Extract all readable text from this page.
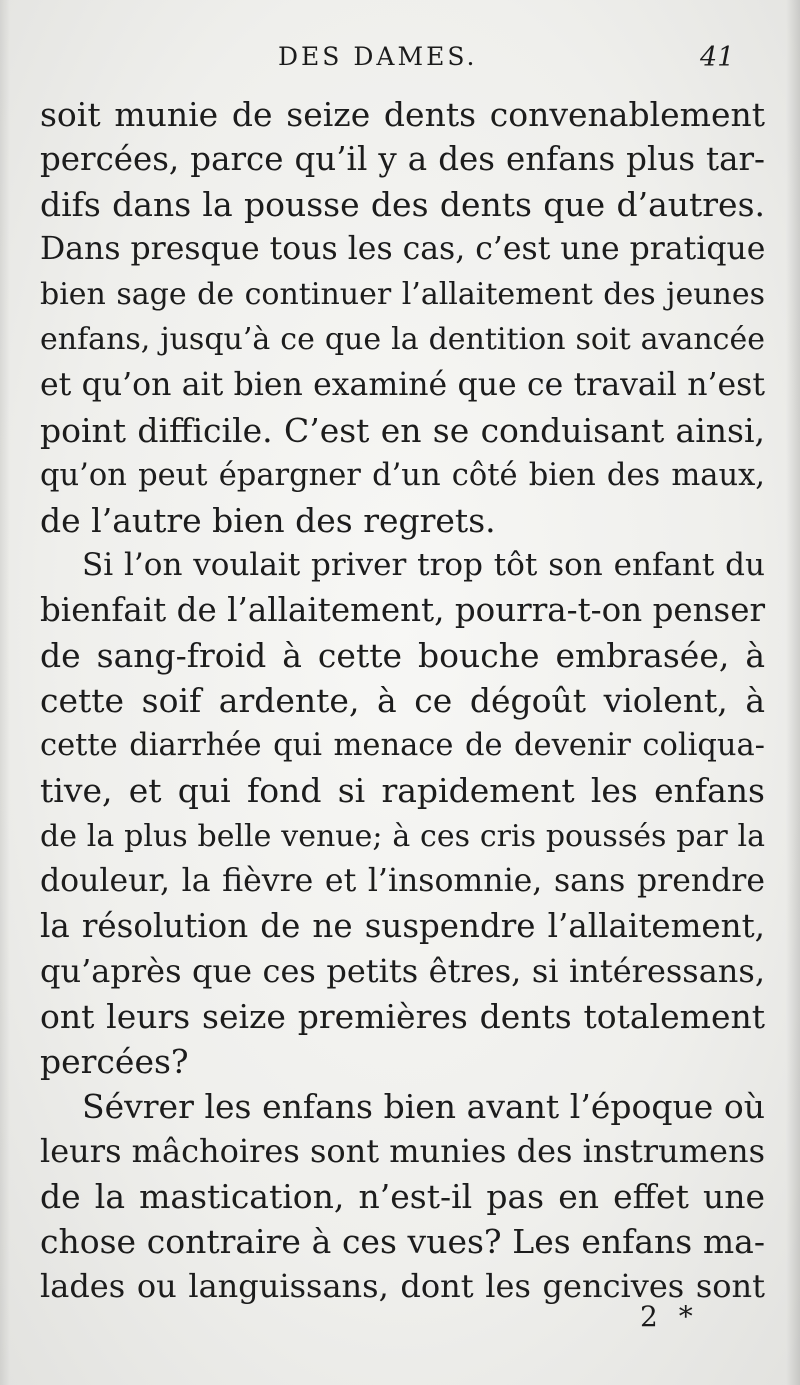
DES DAMES.	41
soit munie de seize dents convenablement
percées, parce qu’il y a des enfans plus tar-
difs dans la pousse des dents que d’autres.
Dans presque tous les cas, c’est une pratique
bien sage de continuer l’allaitement des jeunes
enfans, jusqu’à ce que la dentition soit avancée
et qu’on ait bien examiné que ce travail n’est
point difficile. C’est en se conduisant ainsi,
qu’on peut épargner d’un côté bien des maux,
de l’autre bien des regrets.
Si l’on voulait priver trop tôt son enfant du
bienfait de l’allaitement, pourra-t-on penser
de sang-froid à cette bouche embrasée, à
cette soif ardente, à ce dégoût violent, à
cette diarrhée qui menace de devenir coliqua-
tive, et qui fond si rapidement les enfans
de la plus belle venue; à ces cris poussés par la
douleur, la fièvre et l’insomnie, sans prendre
la résolution de ne suspendre l’allaitement,
qu’après que ces petits êtres, si intéressans,
ont leurs seize premières dents totalement
percées?
Sévrer les enfans bien avant l’époque où
leurs mâchoires sont munies des instrumens
de la mastication, n’est-il pas en effet une
chose contraire à ces vues? Les enfans ma-
lades ou languissans, dont les gencives sont
2 *
